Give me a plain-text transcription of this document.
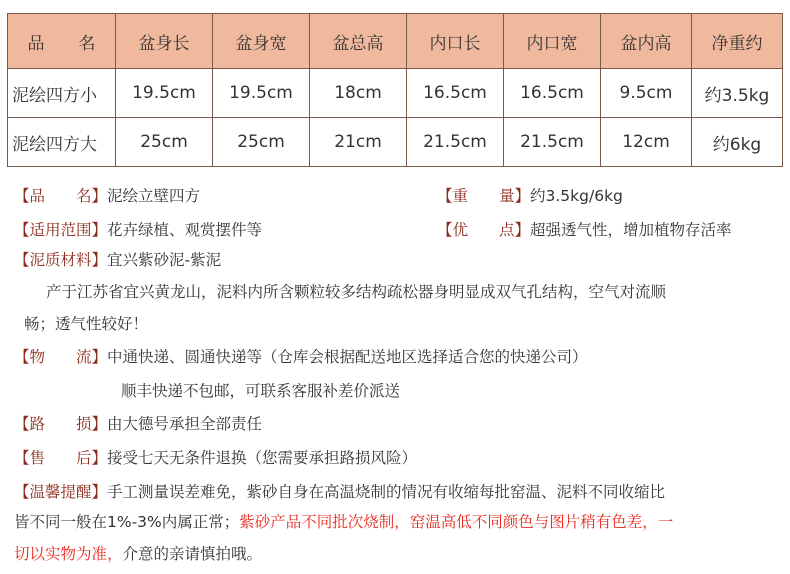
品　　名	盆身长	盆身宽	盆总高	内口长	内口宽	盆内高	净重约
泥绘四方小	19.5cm	19.5cm	18cm	16.5cm	16.5cm	9.5cm	约3.5kg
泥绘四方大	25cm	25cm	21cm	21.5cm	21.5cm	12cm	约6kg
【品　　名】泥绘立壁四方	【重　　量】约3.5kg/6kg
【适用范围】花卉绿植、观赏摆件等	【优　　点】超强透气性，增加植物存活率
【泥质材料】宜兴紫砂泥-紫泥
产于江苏省宜兴黄龙山，泥料内所含颗粒较多结构疏松器身明显成双气孔结构，空气对流顺
畅；透气性较好！
【物　　流】中通快递、圆通快递等（仓库会根据配送地区选择适合您的快递公司）
顺丰快递不包邮，可联系客服补差价派送
【路　　损】由大德号承担全部责任
【售　　后】接受七天无条件退换（您需要承担路损风险）
【温馨提醒】手工测量误差难免，紫砂自身在高温烧制的情况有收缩每批窑温、泥料不同收缩比
皆不同一般在1%-3%内属正常；紫砂产品不同批次烧制，窑温高低不同颜色与图片稍有色差，一
切以实物为准，介意的亲请慎拍哦。
